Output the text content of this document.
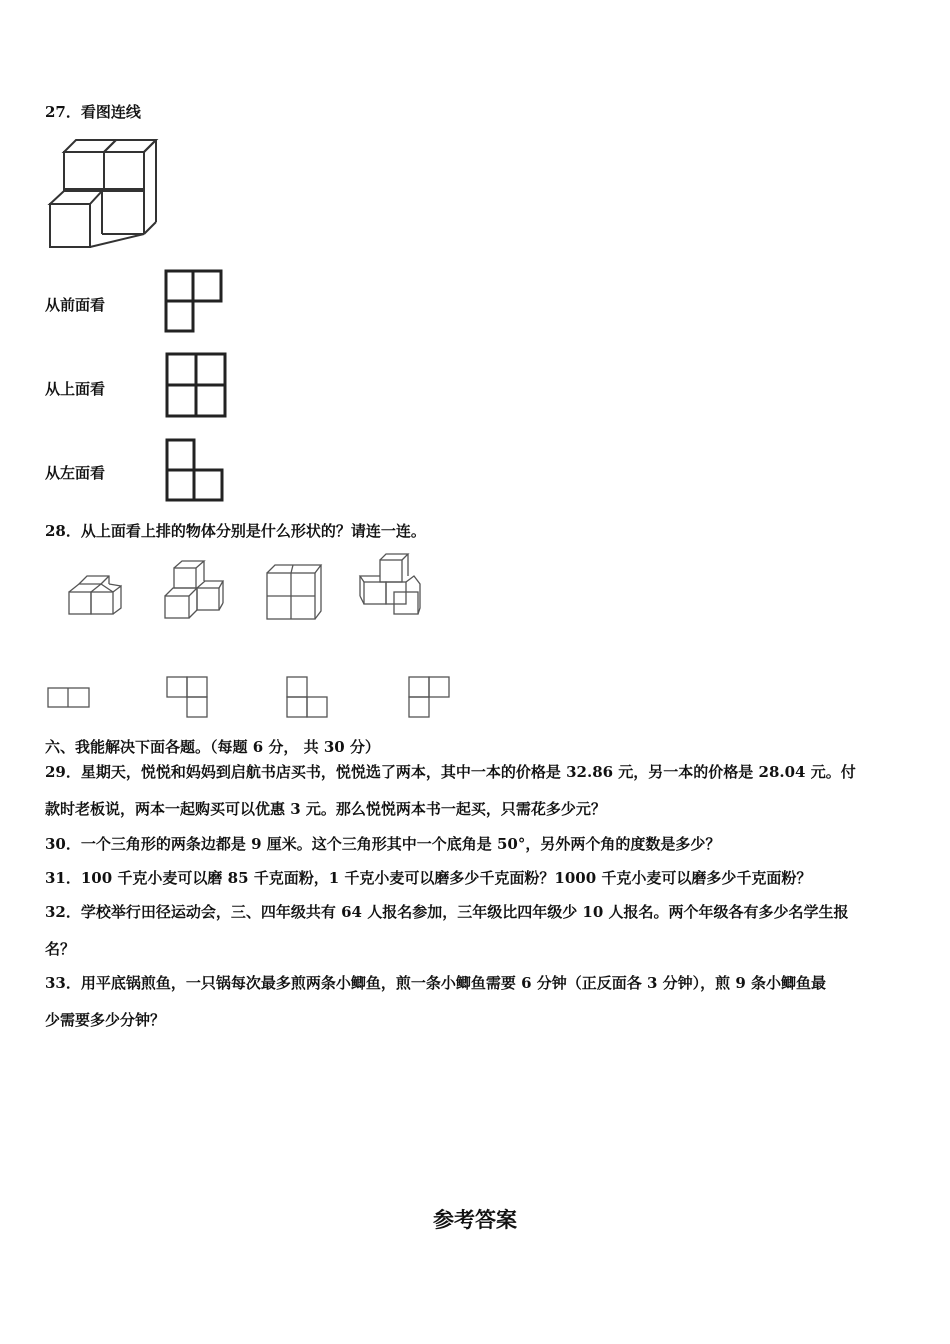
27．看图连线
从前面看
从上面看
从左面看
28．从上面看上排的物体分别是什么形状的？请连一连。
六、我能解决下面各题。（每题 6 分， 共 30 分）
29．星期天，悦悦和妈妈到启航书店买书，悦悦选了两本，其中一本的价格是 32.86 元，另一本的价格是 28.04 元。付
款时老板说，两本一起购买可以优惠 3 元。那么悦悦两本书一起买，只需花多少元？
30．一个三角形的两条边都是 9 厘米。这个三角形其中一个底角是 50°，另外两个角的度数是多少？
31．100 千克小麦可以磨 85 千克面粉，1 千克小麦可以磨多少千克面粉？1000 千克小麦可以磨多少千克面粉？
32．学校举行田径运动会，三、四年级共有 64 人报名参加，三年级比四年级少 10 人报名。两个年级各有多少名学生报
名？
33．用平底锅煎鱼，一只锅每次最多煎两条小鲫鱼，煎一条小鲫鱼需要 6 分钟（正反面各 3 分钟），煎 9 条小鲫鱼最
少需要多少分钟？
参考答案
